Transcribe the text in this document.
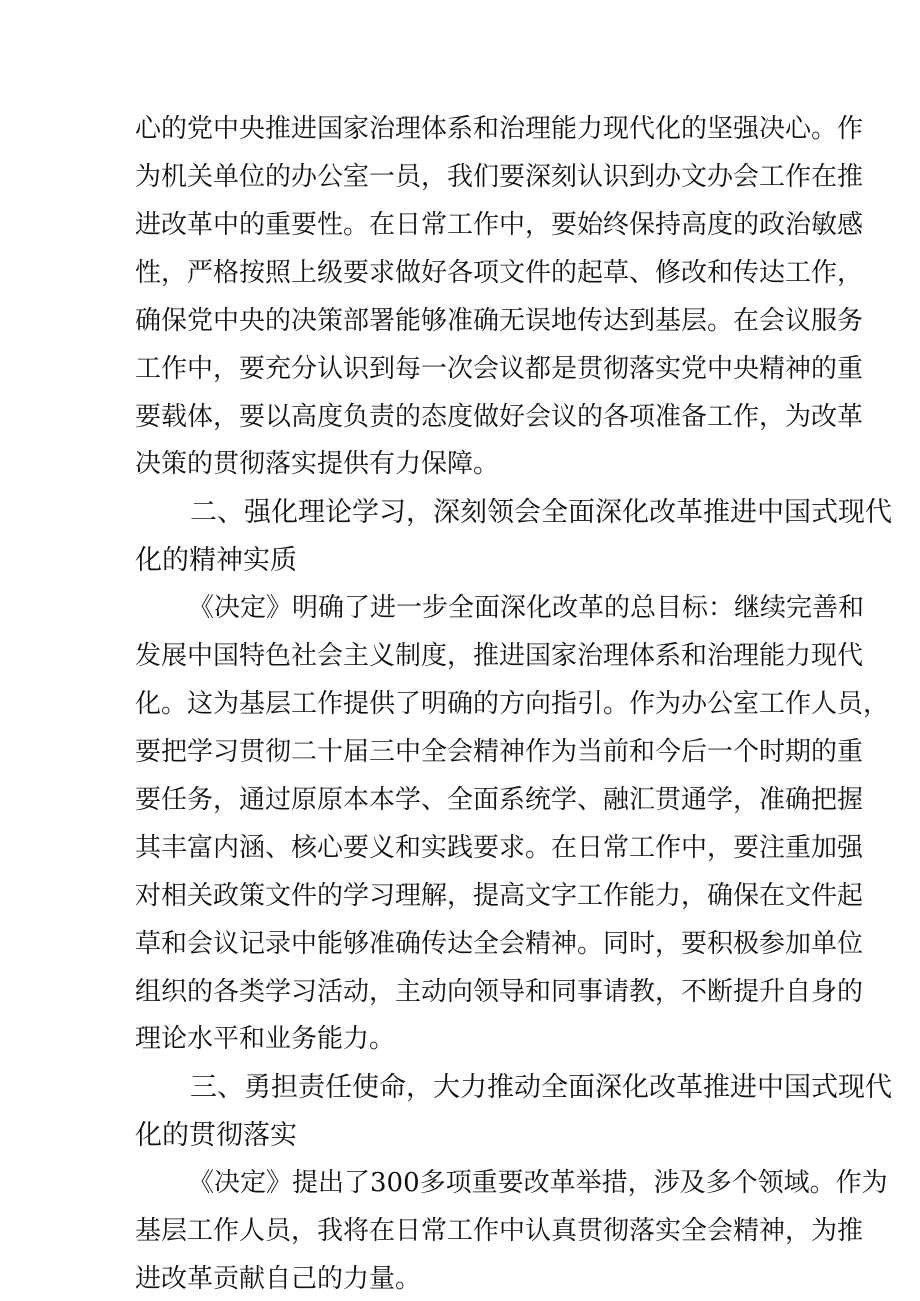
心的党中央推进国家治理体系和治理能力现代化的坚强决心。作
为机关单位的办公室一员，我们要深刻认识到办文办会工作在推
进改革中的重要性。在日常工作中，要始终保持高度的政治敏感
性，严格按照上级要求做好各项文件的起草、修改和传达工作，
确保党中央的决策部署能够准确无误地传达到基层。在会议服务
工作中，要充分认识到每一次会议都是贯彻落实党中央精神的重
要载体，要以高度负责的态度做好会议的各项准备工作，为改革
决策的贯彻落实提供有力保障。
二、强化理论学习，深刻领会全面深化改革推进中国式现代
化的精神实质
《决定》明确了进一步全面深化改革的总目标：继续完善和
发展中国特色社会主义制度，推进国家治理体系和治理能力现代
化。这为基层工作提供了明确的方向指引。作为办公室工作人员，
要把学习贯彻二十届三中全会精神作为当前和今后一个时期的重
要任务，通过原原本本学、全面系统学、融汇贯通学，准确把握
其丰富内涵、核心要义和实践要求。在日常工作中，要注重加强
对相关政策文件的学习理解，提高文字工作能力，确保在文件起
草和会议记录中能够准确传达全会精神。同时，要积极参加单位
组织的各类学习活动，主动向领导和同事请教，不断提升自身的
理论水平和业务能力。
三、勇担责任使命，大力推动全面深化改革推进中国式现代
化的贯彻落实
《决定》提出了300多项重要改革举措，涉及多个领域。作为
基层工作人员，我将在日常工作中认真贯彻落实全会精神，为推
进改革贡献自己的力量。
